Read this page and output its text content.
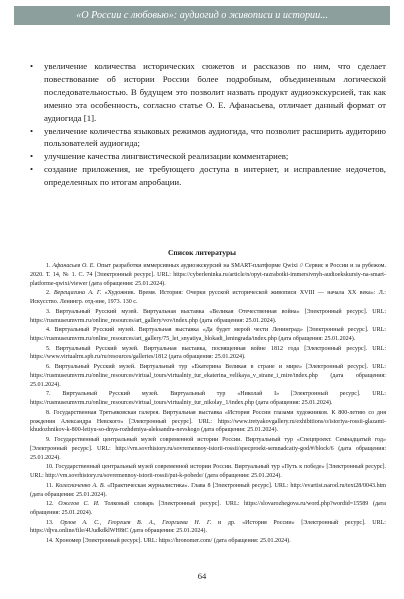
«О России с любовью»: аудиогид о живописи и истории...
• увеличение количества исторических сюжетов и рассказов по ним, что сделает повествование об истории России более подробным, объединенным логической последовательностью. В будущем это позволит назвать продукт аудиоэкскурсией, так как именно эта особенность, согласно статье О. Е. Афанасьева, отличает данный формат от аудиогида [1].
• увеличение количества языковых режимов аудиогида, что позволит расширить аудиторию пользователей аудиогида;
• улучшение качества лингвистической реализации комментариев;
• создание приложения, не требующего доступа в интернет, и исправление недочетов, определенных по итогам апробации.
Список литературы

1. Афанасьев О. Е. Опыт разработки иммерсивных аудиоэкскурсий на SMART-платформе Qwixi // Сервис в России и за рубежом. 2020. Т. 14, № 1. С. 74 [Электронный ресурс]. URL: https://cyberleninka.ru/article/n/opyt-razrabotki-immersivnyh-audioekskursiy-na-smart-platforme-qwixi/viewer (дата обращения: 25.01.2024).

2. Верещагина А. Г. «Художник. Время. История: Очерки русской исторической живописи XVIII — начала XX века»: Л.: Искусство. Ленингр. отд-ние, 1973. 130 с.

3. Виртуальный Русский музей. Виртуальная выставка «Великая Отечественная война» [Электронный ресурс]. URL: https://rusmuseumvrm.ru/online_resources/art_gallery/vov/index.php (дата обращения: 25.01.2024).

4. Виртуальный Русский музей. Виртуальная выставка «Да будет мерой чести Ленинград» [Электронный ресурс]. URL: https://rusmuseumvrm.ru/online_resources/art_gallery/75_let_snyatiya_blokadi_leningrada/index.php (дата обращения: 25.01.2024).

5. Виртуальный Русский музей. Виртуальная выставка, посвященная войне 1812 года [Электронный ресурс]. URL: https://www.virtualrm.spb.ru/ru/resources/galleries/1812 (дата обращения: 25.01.2024).

6. Виртуальный Русский музей. Виртуальный тур «Екатерина Великая в стране и мире» [Электронный ресурс]. URL: https://rusmuseumvrm.ru/online_resources/virtual_tours/virtualniy_tur_ekaterina_velikaya_v_strane_i_mire/index.php (дата обращения: 25.01.2024).

7. Виртуальный Русский музей. Виртуальный тур «Николай I» [Электронный ресурс]. URL: https://rusmuseumvrm.ru/online_resources/virtual_tours/virtualniy_tur_nikolay_1/index.php (дата обращения: 25.01.2024).

8. Государственная Третьяковская галерея. Виртуальная выставка «История России глазами художников. К 800-летию со дня рождения Александра Невского» [Электронный ресурс]. URL: https://www.tretyakovgallery.ru/exhibitions/o/istoriya-rossii-glazami-khudozhnikov-k-800-letiyu-so-dnya-rozhdeniya-aleksandra-nevskogo (дата обращения: 25.01.2024).

9. Государственный центральный музей современной истории России. Виртуальный тур «Спецпроект. Семнадцатый год» [Электронный ресурс]. URL: http://vm.sovrhistory.ru/sovremennoy-istorii-rossii/specproekt-semnadcatiy-god/#/block/6 (дата обращения: 25.01.2024).

10. Государственный центральный музей современной истории России. Виртуальный тур «Путь к победе» [Электронный ресурс]. URL: http://vm.sovrhistory.ru/sovremennoy-istorii-rossii/put-k-pobede/ (дата обращения: 25.01.2024).

11. Колесниченко А. В. «Практическая журналистика». Глава 8 [Электронный ресурс]. URL: http://evartist.narod.ru/text28/0043.htm (дата обращения: 25.01.2024).

12. Ожегов С. И. Толковый словарь [Электронный ресурс]. URL: https://slovarozhegova.ru/word.php?wordid=15589 (дата обращения: 25.01.2024).

13. Орлов А. С., Георгиев В. А., Георгиева Н. Г. и др. «История России» [Электронный ресурс]. URL: https://djvu.online/file/4UudkdklWH8tC (дата обращения: 25.01.2024).

14. Хрономер [Электронный ресурс]. URL: https://hronomer.com/ (дата обращения: 25.01.2024).

64
